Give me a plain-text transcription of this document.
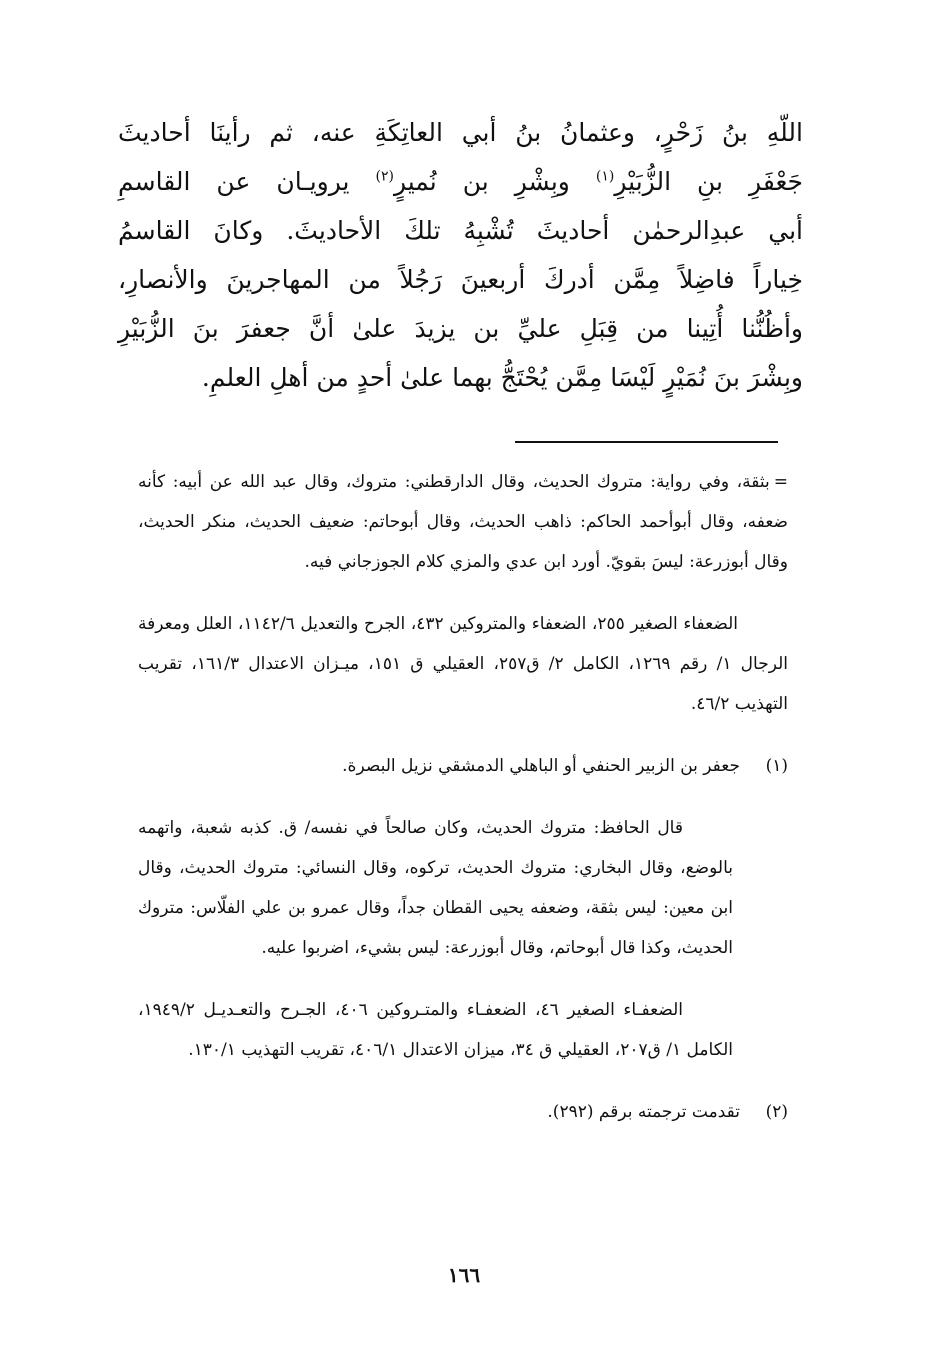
اللّهِ بنُ زَحْرٍ، وعثمانُ بنُ أبي العاتِكَةِ عنه، ثم رأينَا أحاديثَ
جَعْفَرِ بنِ الزُّبَيْرِ$^{(١)}$ وبِشْرِ بن نُميرٍ$^{(٢)}$ يرويـان عن القاسمِ
أبي عبدِالرحمٰن أحاديثَ تُشْبِهُ تلكَ الأحاديثَ. وكانَ القاسمُ
خِياراً فاضِلاً مِمَّن أدركَ أربعينَ رَجُلاً من المهاجرينَ والأنصارِ،
وأظُنُّنا أُتِينا من قِبَلِ عليِّ بن يزيدَ علىٰ أنَّ جعفرَ بنَ الزُّبَيْرِ
وبِشْرَ بنَ نُمَيْرٍ لَيْسَا مِمَّن يُحْتَجُّ بهما علىٰ أحدٍ من أهلِ العلمِ.

=بثقة، وفي رواية: متروك الحديث، وقال الدارقطني: متروك، وقال عبد الله عن أبيه: كأنه ضعفه، وقال أبوأحمد الحاكم: ذاهب الحديث، وقال أبوحاتم: ضعيف الحديث، منكر الحديث، وقال أبوزرعة: ليسَ بقويّ. أورد ابن عدي والمزي كلام الجوزجاني فيه.

الضعفاء الصغير ٢٥٥، الضعفاء والمتروكين ٤٣٢، الجرح والتعديل ١١٤٢/٦، العلل ومعرفة الرجال ١/ رقم ١٢٦٩، الكامل ٢/ ق٢٥٧، العقيلي ق ١٥١، ميـزان الاعتدال ١٦١/٣، تقريب التهذيب ٤٦/٢.

(١)جعفر بن الزبير الحنفي أو الباهلي الدمشقي نزيل البصرة.

قال الحافظ: متروك الحديث، وكان صالحاً في نفسه/ ق. كذبه شعبة، واتهمه بالوضع، وقال البخاري: متروك الحديث، تركوه، وقال النسائي: متروك الحديث، وقال ابن معين: ليس بثقة، وضعفه يحيى القطان جداً، وقال عمرو بن علي الفلّاس: متروك الحديث، وكذا قال أبوحاتم، وقال أبوزرعة: ليس بشيء، اضربوا عليه.

الضعفـاء الصغير ٤٦، الضعفـاء والمتـروكين ٤٠٦، الجـرح والتعـديـل ١٩٤٩/٢، الكامل ١/ ق٢٠٧، العقيلي ق ٣٤، ميزان الاعتدال ٤٠٦/١، تقريب التهذيب ١٣٠/١.

(٢)تقدمت ترجمته برقم (٢٩٢).

١٦٦
